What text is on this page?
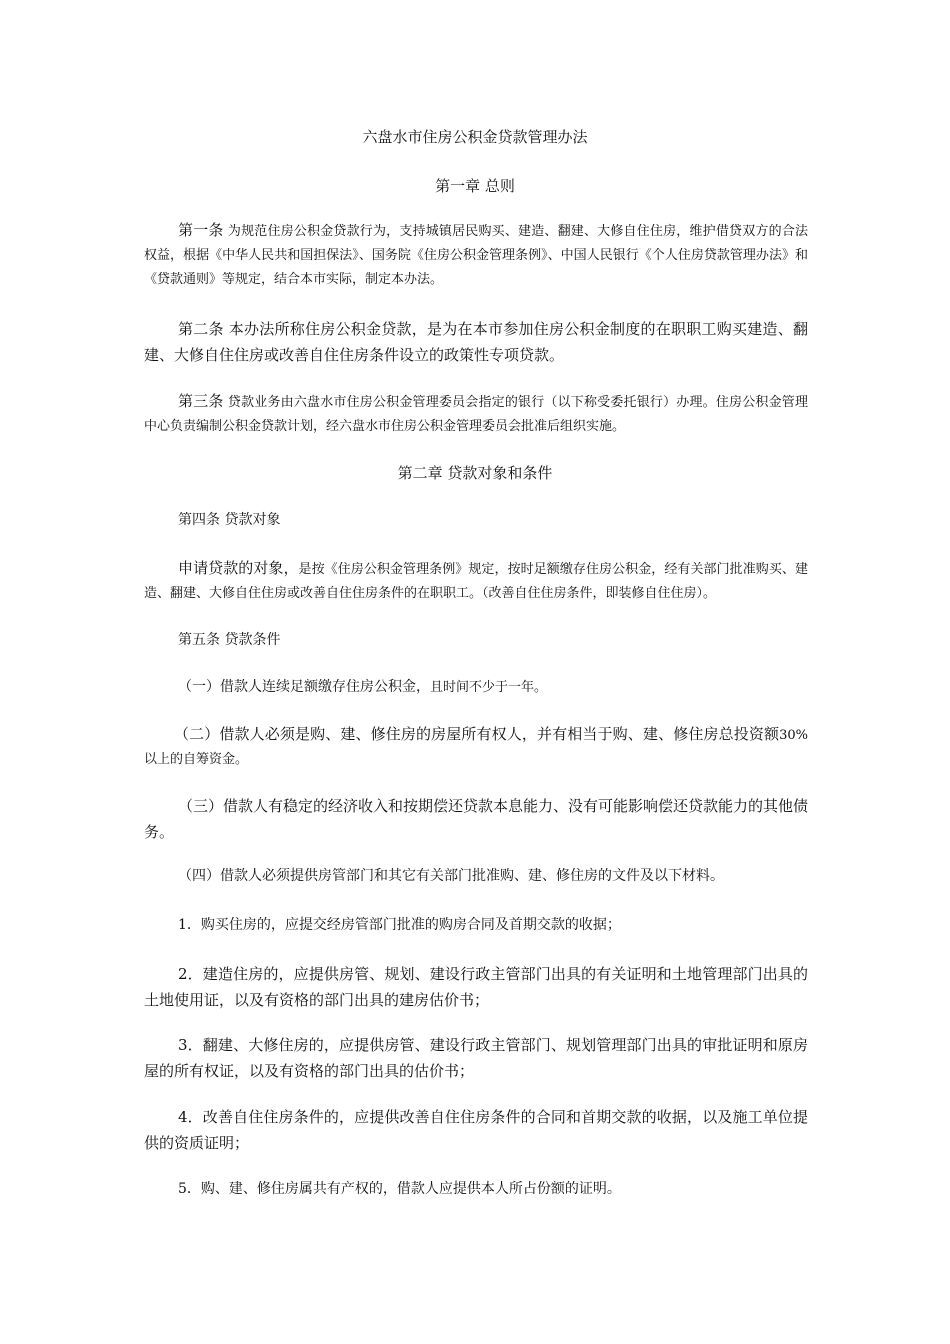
六盘水市住房公积金贷款管理办法
第一章 总则
第一条 为规范住房公积金贷款行为，支持城镇居民购买、建造、翻建、大修自住住房，维护借贷双方的合法权益，根据《中华人民共和国担保法》、国务院《住房公积金管理条例》、中国人民银行《个人住房贷款管理办法》和《贷款通则》等规定，结合本市实际，制定本办法。
第二条 本办法所称住房公积金贷款，是为在本市参加住房公积金制度的在职职工购买建造、翻建、大修自住住房或改善自住住房条件设立的政策性专项贷款。
第三条 贷款业务由六盘水市住房公积金管理委员会指定的银行（以下称受委托银行）办理。住房公积金管理中心负责编制公积金贷款计划，经六盘水市住房公积金管理委员会批准后组织实施。
第二章 贷款对象和条件
第四条 贷款对象
申请贷款的对象，是按《住房公积金管理条例》规定，按时足额缴存住房公积金，经有关部门批准购买、建造、翻建、大修自住住房或改善自住住房条件的在职职工。（改善自住住房条件，即装修自住住房）。
第五条 贷款条件
（一）借款人连续足额缴存住房公积金，且时间不少于一年。
（二）借款人必须是购、建、修住房的房屋所有权人，并有相当于购、建、修住房总投资额30%以上的自筹资金。
（三）借款人有稳定的经济收入和按期偿还贷款本息能力、没有可能影响偿还贷款能力的其他债务。
（四）借款人必须提供房管部门和其它有关部门批准购、建、修住房的文件及以下材料。
1．购买住房的，应提交经房管部门批准的购房合同及首期交款的收据；
2．建造住房的，应提供房管、规划、建设行政主管部门出具的有关证明和土地管理部门出具的土地使用证，以及有资格的部门出具的建房估价书；
3．翻建、大修住房的，应提供房管、建设行政主管部门、规划管理部门出具的审批证明和原房屋的所有权证，以及有资格的部门出具的估价书；
4．改善自住住房条件的，应提供改善自住住房条件的合同和首期交款的收据，以及施工单位提供的资质证明；
5．购、建、修住房属共有产权的，借款人应提供本人所占份额的证明。
